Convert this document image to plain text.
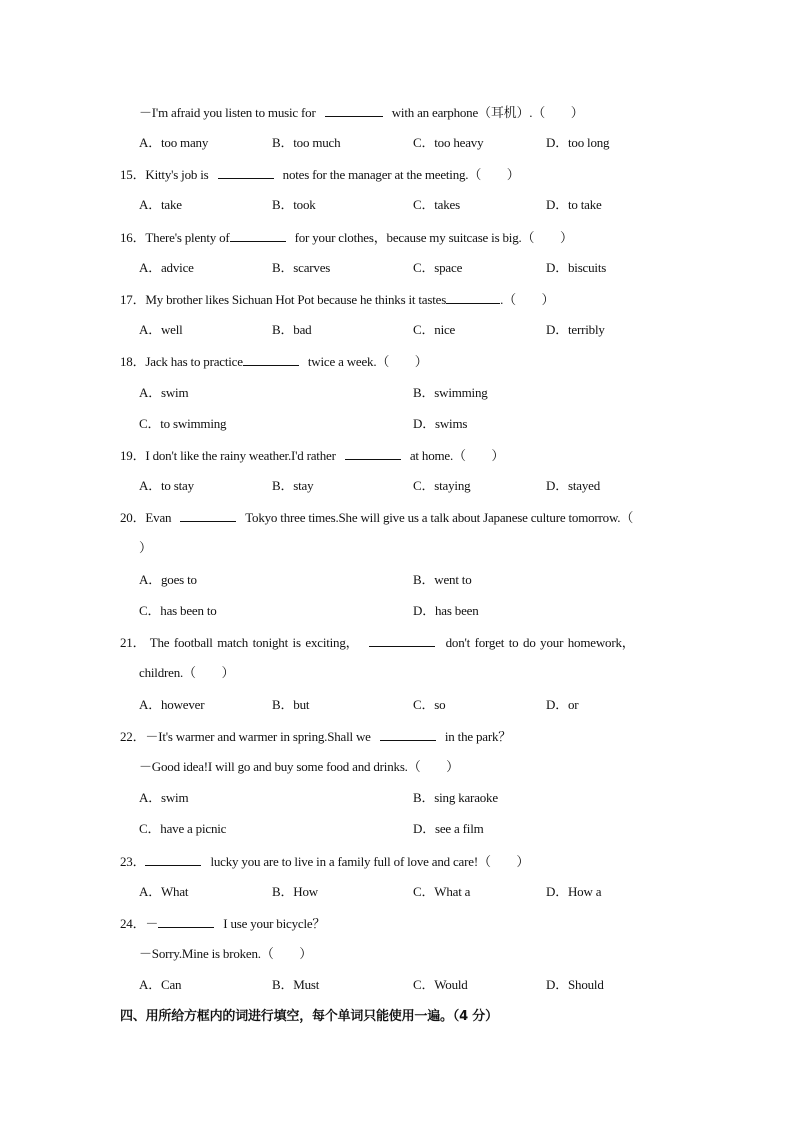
－I'm afraid you listen to music for	with an earphone（耳机）.（　　）
A．too many	B．too much	C．too heavy	D．too long
15．Kitty's job is	notes for the manager at the meeting.（　　）
A．take	B．took	C．takes	D．to take
16．There's plenty of	for your clothes，because my suitcase is big.（　　）
A．advice	B．scarves	C．space	D．biscuits
17．My brother likes Sichuan Hot Pot because he thinks it tastes	.（　　）
A．well	B．bad	C．nice	D．terribly
18．Jack has to practice	twice a week.（　　）
A．swim	B．swimming
C．to swimming	D．swims
19．I don't like the rainy weather.I'd rather	at home.（　　）
A．to stay	B．stay	C．staying	D．stayed
20．Evan	Tokyo three times.She will give us a talk about Japanese culture tomorrow.（
）
A．goes to	B．went to
C．has been to	D．has been
21． The football match tonight is exciting，	don't forget to do your homework，
children.（　　）
A．however	B．but	C．so	D．or
22．－It's warmer and warmer in spring.Shall we	in the park？
－Good idea!I will go and buy some food and drinks.（　　）
A．swim	B．sing karaoke
C．have a picnic	D．see a film
23．	lucky you are to live in a family full of love and care!（　　）
A．What	B．How	C．What a	D．How a
24．－	I use your bicycle？
－Sorry.Mine is broken.（　　）
A．Can	B．Must	C．Would	D．Should
四、用所给方框内的词进行填空，每个单词只能使用一遍。（4 分）
